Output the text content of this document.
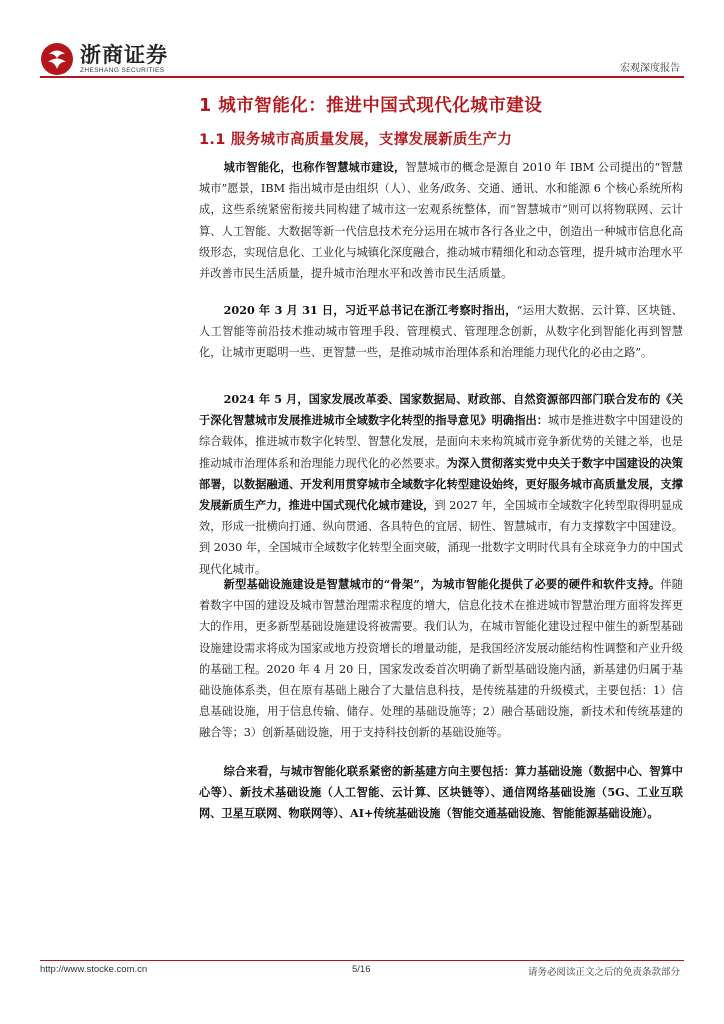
浙商证券
ZHESHANG SECURITIES	宏观深度报告
1 城市智能化：推进中国式现代化城市建设
1.1 服务城市高质量发展，支撑发展新质生产力

城市智能化，也称作智慧城市建设，智慧城市的概念是源自 2010 年 IBM 公司提出的“智慧城市”愿景，IBM 指出城市是由组织（人）、业务/政务、交通、通讯、水和能源 6 个核心系统所构成，这些系统紧密衔接共同构建了城市这一宏观系统整体，而“智慧城市”则可以将物联网、云计算、人工智能、大数据等新一代信息技术充分运用在城市各行各业之中，创造出一种城市信息化高级形态，实现信息化、工业化与城镇化深度融合，推动城市精细化和动态管理，提升城市治理水平并改善市民生活质量，提升城市治理水平和改善市民生活质量。

2020 年 3 月 31 日，习近平总书记在浙江考察时指出，“运用大数据、云计算、区块链、人工智能等前沿技术推动城市管理手段、管理模式、管理理念创新，从数字化到智能化再到智慧化，让城市更聪明一些、更智慧一些，是推动城市治理体系和治理能力现代化的必由之路”。

2024 年 5 月，国家发展改革委、国家数据局、财政部、自然资源部四部门联合发布的《关于深化智慧城市发展推进城市全域数字化转型的指导意见》明确指出：城市是推进数字中国建设的综合载体，推进城市数字化转型、智慧化发展，是面向未来构筑城市竞争新优势的关键之举，也是推动城市治理体系和治理能力现代化的必然要求。为深入贯彻落实党中央关于数字中国建设的决策部署，以数据融通、开发利用贯穿城市全域数字化转型建设始终，更好服务城市高质量发展，支撑发展新质生产力，推进中国式现代化城市建设，到 2027 年，全国城市全域数字化转型取得明显成效，形成一批横向打通、纵向贯通、各具特色的宜居、韧性、智慧城市，有力支撑数字中国建设。到 2030 年，全国城市全域数字化转型全面突破，涌现一批数字文明时代具有全球竞争力的中国式现代化城市。

新型基础设施建设是智慧城市的“骨架”，为城市智能化提供了必要的硬件和软件支持。伴随着数字中国的建设及城市智慧治理需求程度的增大，信息化技术在推进城市智慧治理方面将发挥更大的作用，更多新型基础设施建设将被需要。我们认为，在城市智能化建设过程中催生的新型基础设施建设需求将成为国家或地方投资增长的增量动能，是我国经济发展动能结构性调整和产业升级的基础工程。2020 年 4 月 20 日，国家发改委首次明确了新型基础设施内涵，新基建仍归属于基础设施体系类，但在原有基础上融合了大量信息科技，是传统基建的升级模式，主要包括：1）信息基础设施，用于信息传输、储存、处理的基础设施等；2）融合基础设施，新技术和传统基建的融合等；3）创新基础设施，用于支持科技创新的基础设施等。

综合来看，与城市智能化联系紧密的新基建方向主要包括：算力基础设施（数据中心、智算中心等）、新技术基础设施（人工智能、云计算、区块链等）、通信网络基础设施（5G、工业互联网、卫星互联网、物联网等）、AI+传统基础设施（智能交通基础设施、智能能源基础设施）。

http://www.stocke.com.cn	5/16	请务必阅读正文之后的免责条款部分
